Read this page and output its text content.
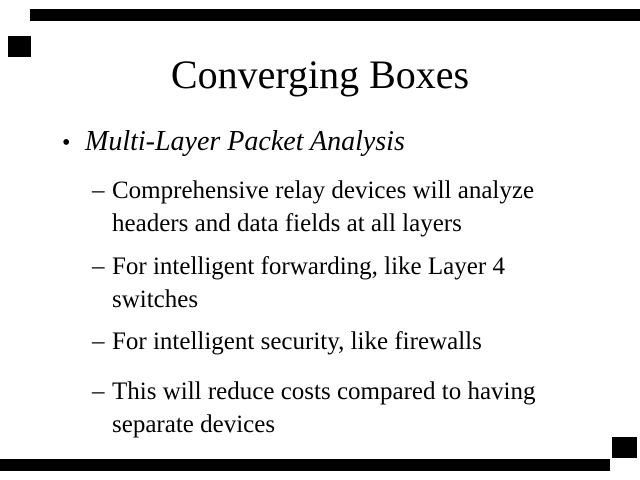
Converging Boxes
• Multi-Layer Packet Analysis
– Comprehensive relay devices will analyze
headers and data fields at all layers
– For intelligent forwarding, like Layer 4
switches
– For intelligent security, like firewalls
– This will reduce costs compared to having
separate devices
